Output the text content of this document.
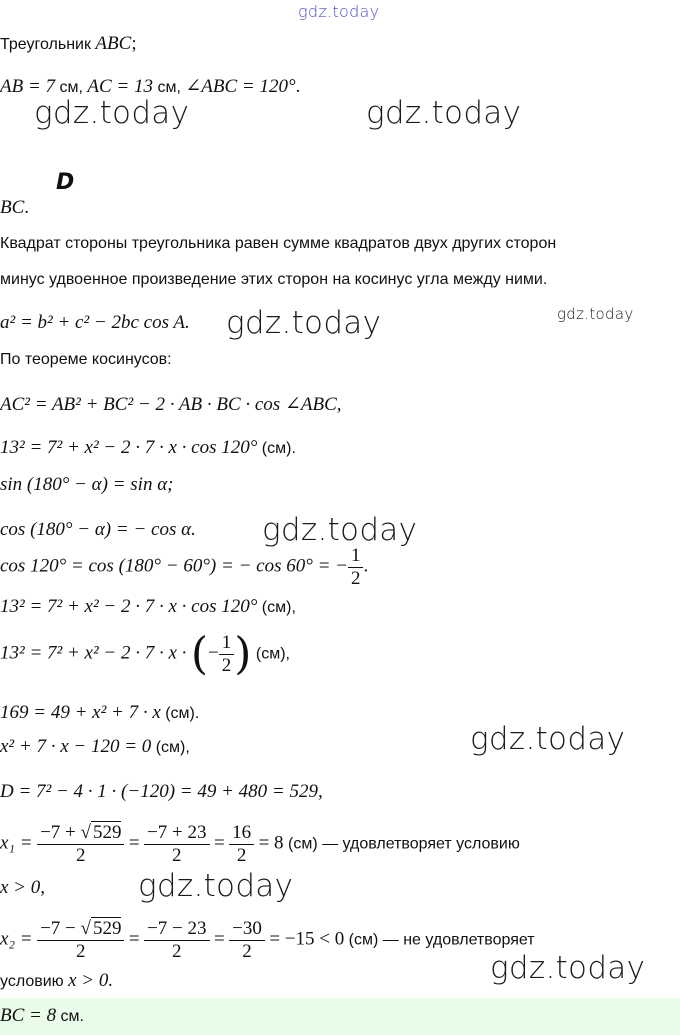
gdz.today
Треугольник ABC;
AB = 7 см, AC = 13 см, ∠ABC = 120°.
gdz.today	gdz.today
D
BC.
Квадрат стороны треугольника равен сумме квадратов двух других сторон
минус удвоенное произведение этих сторон на косинус угла между ними.
a² = b² + c² − 2bc cos A. gdz.today	gdz.today
По теореме косинусов:
AC² = AB² + BC² − 2 · AB · BC · cos ∠ABC,
13² = 7² + x² − 2 · 7 · x · cos 120° (см).
sin (180° − α) = sin α;
cos (180° − α) = − cos α. gdz.today
cos 120° = cos (180° − 60°) = − cos 60° = − $\frac{1}{2}$ .
13² = 7² + x² − 2 · 7 · x · cos 120° (см),
13² = 7² + x² − 2 · 7 · x · (− $\frac{1}{2}$ ) (см),
169 = 49 + x² + 7 · x (см).
x² + 7 · x − 120 = 0 (см),	gdz.today
D = 7² − 4 · 1 · (−120) = 49 + 480 = 529,
$x_1 = \frac{-7 + √ 529}{2} = \frac{-7 + 23}{2} = \frac{16}{2} = 8$ (см) — удовлетворяет условию
x > 0,	gdz.today
$x_2 = \frac{-7 - √ 529}{2} = \frac{-7 - 23}{2} = \frac{-30}{2} = -15 < 0$ (см) — не удовлетворяет
условию x > 0.	gdz.today
BC = 8 см.
